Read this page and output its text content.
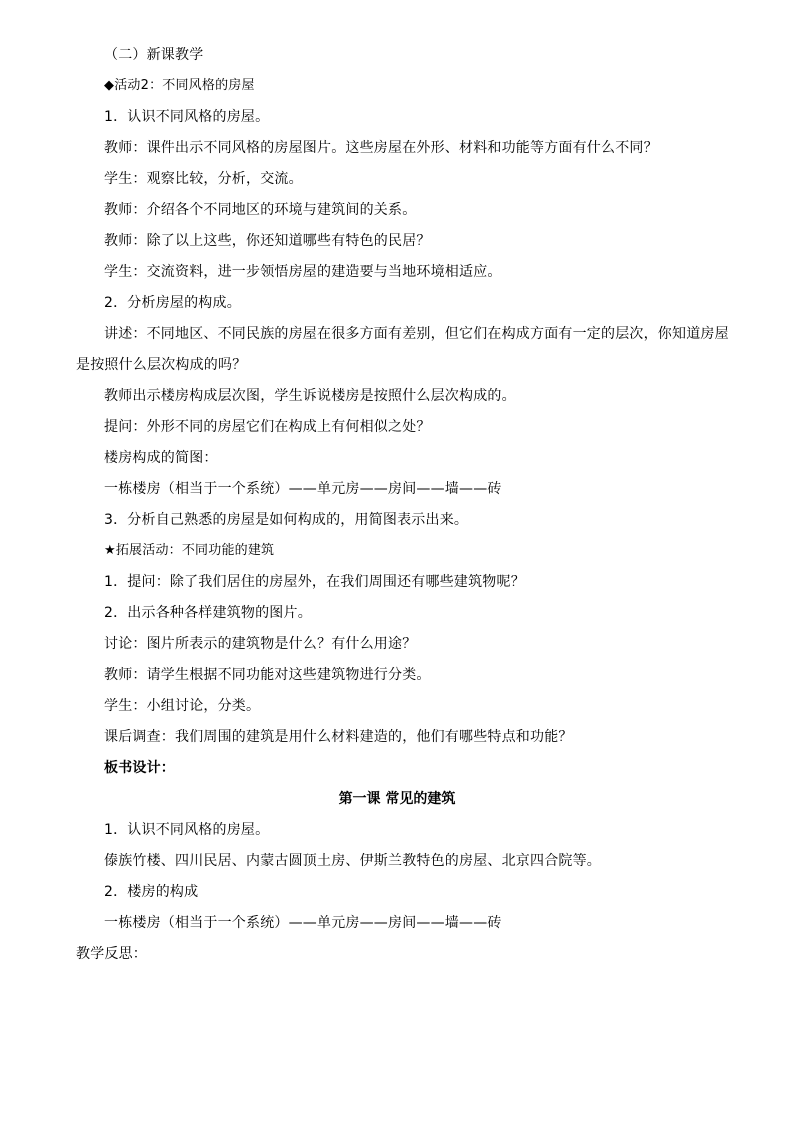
（二）新课教学
◆活动2：不同风格的房屋
1．认识不同风格的房屋。
教师：课件出示不同风格的房屋图片。这些房屋在外形、材料和功能等方面有什么不同？
学生：观察比较，分析，交流。
教师：介绍各个不同地区的环境与建筑间的关系。
教师：除了以上这些，你还知道哪些有特色的民居？
学生：交流资料，进一步领悟房屋的建造要与当地环境相适应。
2．分析房屋的构成。
讲述：不同地区、不同民族的房屋在很多方面有差别，但它们在构成方面有一定的层次，你知道房屋
是按照什么层次构成的吗？
教师出示楼房构成层次图，学生诉说楼房是按照什么层次构成的。
提问：外形不同的房屋它们在构成上有何相似之处？
楼房构成的简图：
一栋楼房（相当于一个系统）——单元房——房间——墙——砖
3．分析自己熟悉的房屋是如何构成的，用简图表示出来。
★拓展活动：不同功能的建筑
1．提问：除了我们居住的房屋外，在我们周围还有哪些建筑物呢？
2．出示各种各样建筑物的图片。
讨论：图片所表示的建筑物是什么？有什么用途？
教师：请学生根据不同功能对这些建筑物进行分类。
学生：小组讨论，分类。
课后调查：我们周围的建筑是用什么材料建造的，他们有哪些特点和功能？
板书设计：
第一课 常见的建筑
1．认识不同风格的房屋。
傣族竹楼、四川民居、内蒙古圆顶土房、伊斯兰教特色的房屋、北京四合院等。
2．楼房的构成
一栋楼房（相当于一个系统）——单元房——房间——墙——砖
教学反思：
